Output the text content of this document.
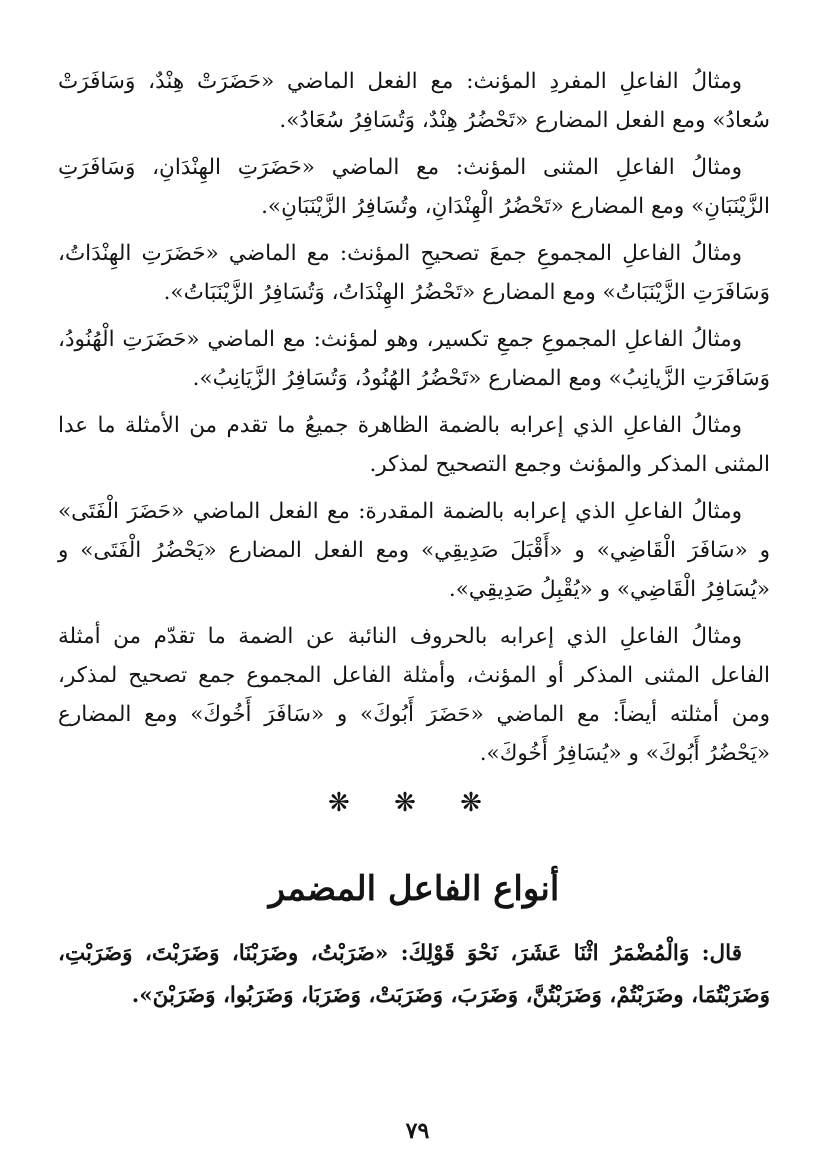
ومثالُ الفاعلِ المفردِ المؤنث: مع الفعل الماضي «حَضَرَتْ هِنْدٌ، وَسَافَرَتْ سُعادُ» ومع الفعل المضارع «تَحْضُرُ هِنْدٌ، وَتُسَافِرُ سُعَادُ».

ومثالُ الفاعلِ المثنى المؤنث: مع الماضي «حَضَرَتِ الهِنْدَانِ، وَسَافَرَتِ الزَّيْنَبَانِ» ومع المضارع «تَحْضُرُ الْهِنْدَانِ، وتُسَافِرُ الزَّيْنَبَانِ».

ومثالُ الفاعلِ المجموعِ جمعَ تصحيحِ المؤنث: مع الماضي «حَضَرَتِ الهِنْدَاتُ، وَسَافَرَتِ الزَّيْنَبَاتُ» ومع المضارع «تَحْضُرُ الهِنْدَاتُ، وَتُسَافِرُ الزَّيْنَبَاتُ».

ومثالُ الفاعلِ المجموعِ جمعِ تكسير، وهو لمؤنث: مع الماضي «حَضَرَتِ الْهُنُودُ، وَسَافَرَتِ الزَّيانِبُ» ومع المضارع «تَحْضُرُ الهُنُودُ، وَتُسَافِرُ الزَّيَانِبُ».

ومثالُ الفاعلِ الذي إعرابه بالضمة الظاهرة جميعُ ما تقدم من الأمثلة ما عدا المثنى المذكر والمؤنث وجمع التصحيح لمذكر.

ومثالُ الفاعلِ الذي إعرابه بالضمة المقدرة: مع الفعل الماضي «حَضَرَ الْفَتَى» و «سَافَرَ الْقَاضِي» و «أَقْبَلَ صَدِيقِي» ومع الفعل المضارع «يَحْضُرُ الْفَتَى» و «يُسَافِرُ الْقَاضِي» و «يُقْبِلُ صَدِيقِي».

ومثالُ الفاعلِ الذي إعرابه بالحروف النائبة عن الضمة ما تقدّم من أمثلة الفاعل المثنى المذكر أو المؤنث، وأمثلة الفاعل المجموع جمع تصحيح لمذكر، ومن أمثلته أيضاً: مع الماضي «حَضَرَ أَبُوكَ» و «سَافَرَ أَخُوكَ» ومع المضارع «يَحْضُرُ أَبُوكَ» و «يُسَافِرُ أَخُوكَ».

❋ ❋ ❋
أنواع الفاعل المضمر

قال: وَالْمُضْمَرُ اثْنَا عَشَرَ، نَحْوَ قَوْلِكَ: «ضَرَبْتُ، وضَرَبْنَا، وَضَرَبْتَ، وَضَرَبْتِ، وَضَرَبْتُمَا، وضَرَبْتُمْ، وَضَرَبْتُنَّ، وَضَرَبَ، وَضَرَبَتْ، وَضَرَبَا، وَضَرَبُوا، وَضَرَبْنَ».

٧٩
